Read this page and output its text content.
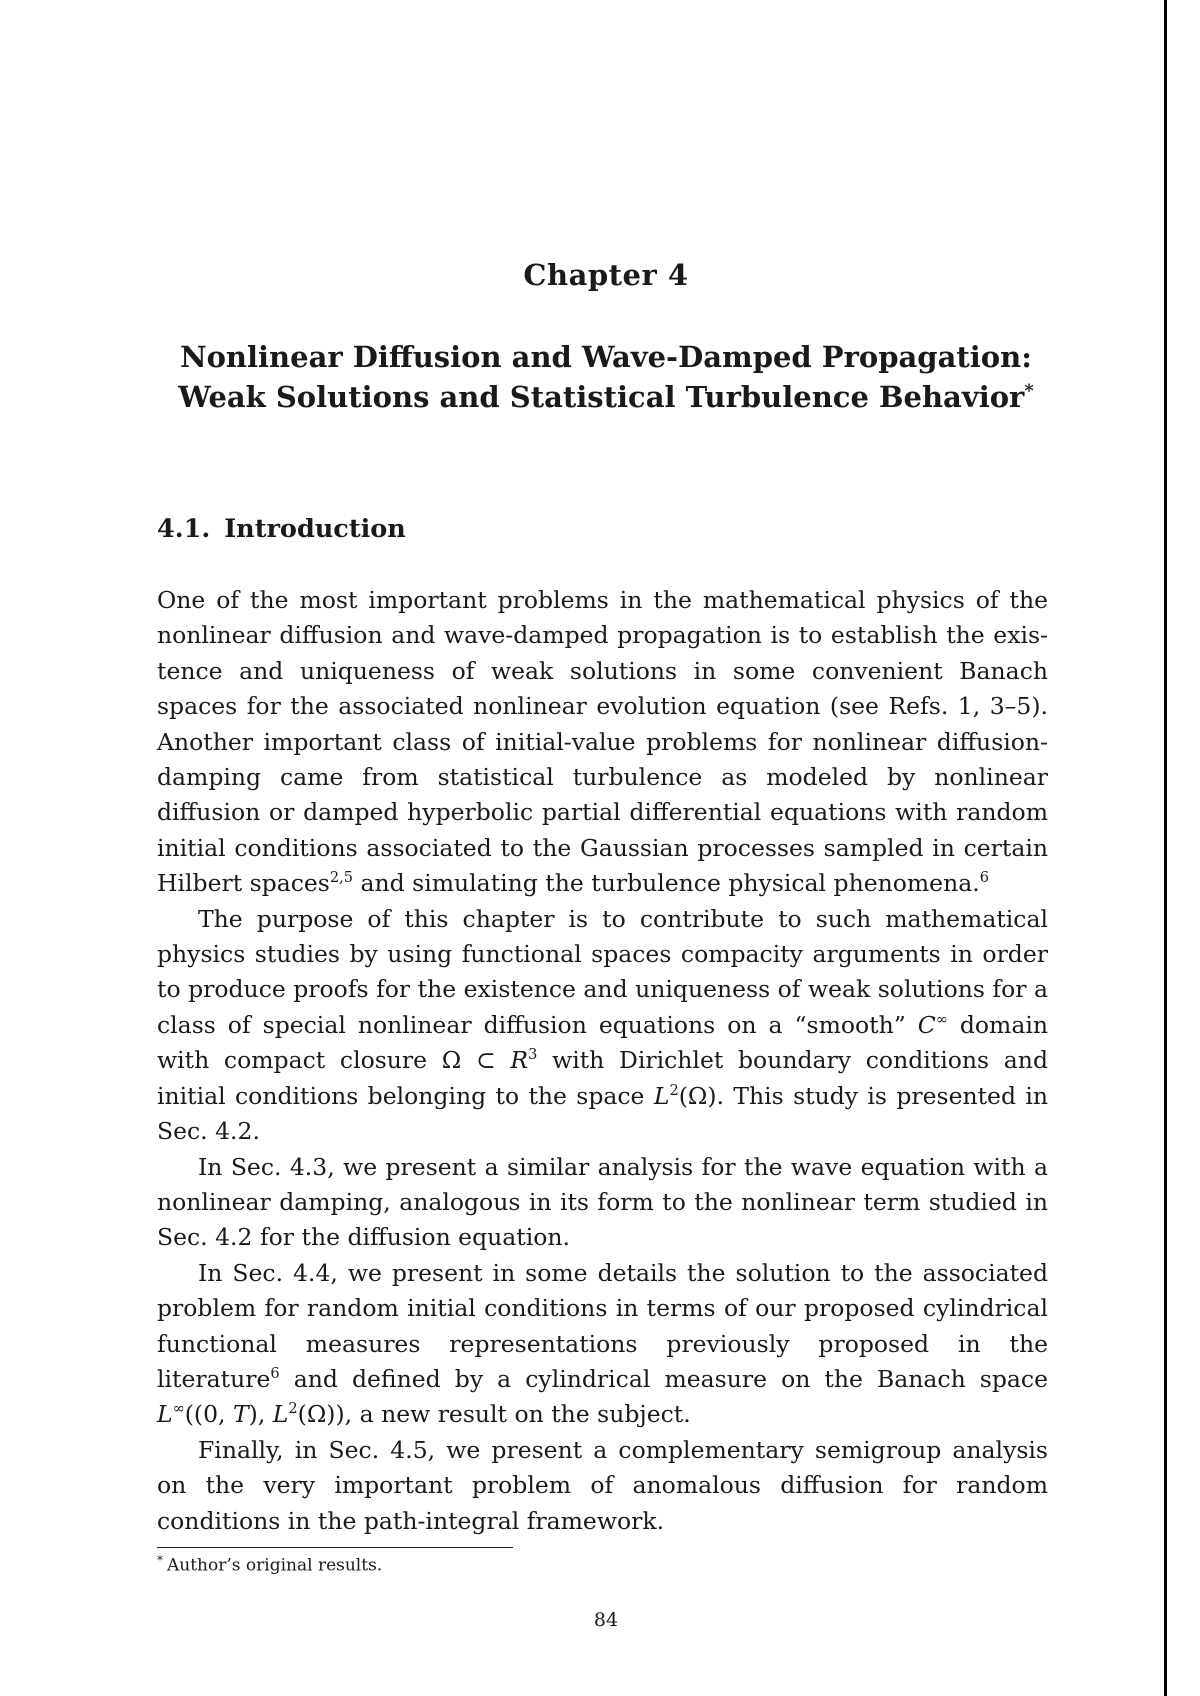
Chapter 4
Nonlinear Diffusion and Wave-Damped Propagation:
Weak Solutions and Statistical Turbulence Behavior*
4.1. Introduction

One of the most important problems in the mathematical physics of the nonlinear diffusion and wave-damped propagation is to establish the existence and uniqueness of weak solutions in some convenient Banach spaces for the associated nonlinear evolution equation (see Refs. 1, 3–5). Another important class of initial-value problems for nonlinear diffusion-damping came from statistical turbulence as modeled by nonlinear diffusion or damped hyperbolic partial differential equations with random initial conditions associated to the Gaussian processes sampled in certain Hilbert spaces$^{2,5}$ and simulating the turbulence physical phenomena.$^6$

The purpose of this chapter is to contribute to such mathematical physics studies by using functional spaces compacity arguments in order to produce proofs for the existence and uniqueness of weak solutions for a class of special nonlinear diffusion equations on a “smooth” C∞ domain with compact closure Ω ⊂ $R^3$ with Dirichlet boundary conditions and initial conditions belonging to the space $L^2(\Omega)$. This study is presented in Sec. 4.2.

In Sec. 4.3, we present a similar analysis for the wave equation with a nonlinear damping, analogous in its form to the nonlinear term studied in Sec. 4.2 for the diffusion equation.

In Sec. 4.4, we present in some details the solution to the associated problem for random initial conditions in terms of our proposed cylindrical functional measures representations previously proposed in the literature$^6$ and defined by a cylindrical measure on the Banach space L∞((0, T), $L^2(\Omega)$), a new result on the subject.

Finally, in Sec. 4.5, we present a complementary semigroup analysis on the very important problem of anomalous diffusion for random conditions in the path-integral framework.

* Author’s original results.

84
